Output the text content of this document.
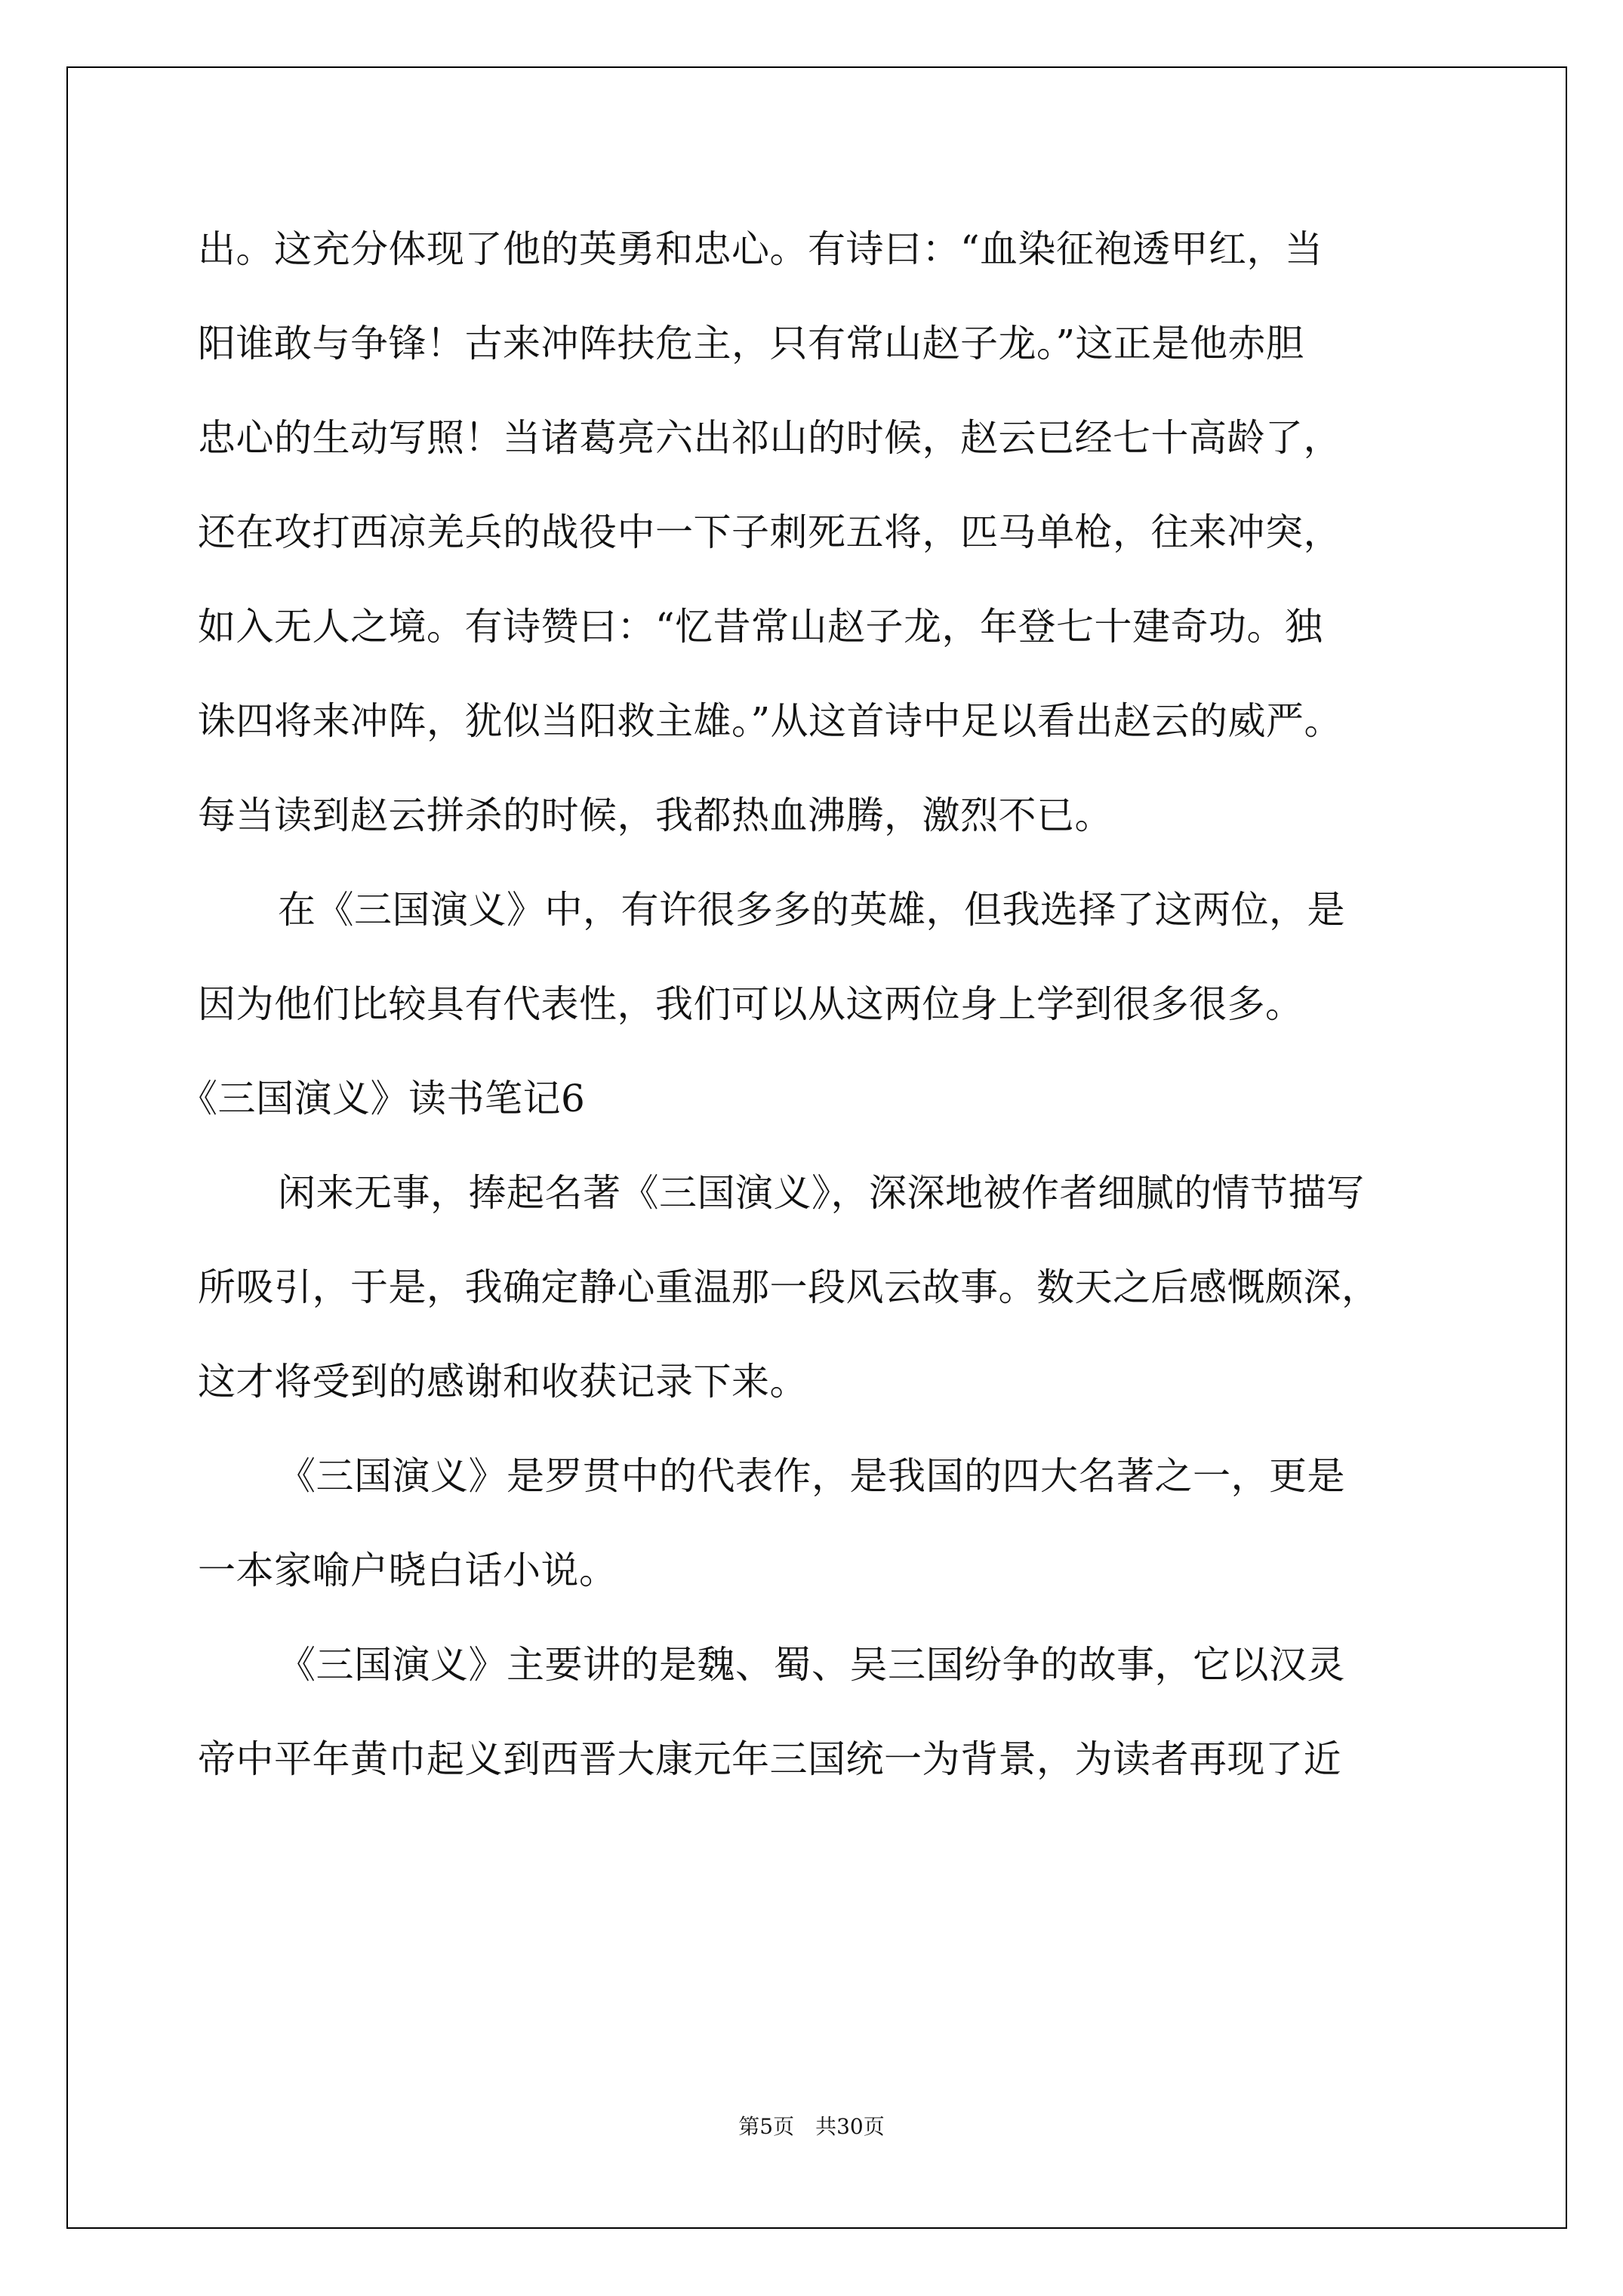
出。这充分体现了他的英勇和忠心。有诗曰：“血染征袍透甲红，当
阳谁敢与争锋！古来冲阵扶危主，只有常山赵子龙。”这正是他赤胆
忠心的生动写照！当诸葛亮六出祁山的时候，赵云已经七十高龄了，
还在攻打西凉羌兵的战役中一下子刺死五将，匹马单枪，往来冲突，
如入无人之境。有诗赞曰：“忆昔常山赵子龙，年登七十建奇功。独
诛四将来冲阵，犹似当阳救主雄。”从这首诗中足以看出赵云的威严。
每当读到赵云拼杀的时候，我都热血沸腾，激烈不已。
在《三国演义》中，有许很多多的英雄，但我选择了这两位，是
因为他们比较具有代表性，我们可以从这两位身上学到很多很多。
《三国演义》读书笔记6
闲来无事，捧起名著《三国演义》，深深地被作者细腻的情节描写
所吸引，于是，我确定静心重温那一段风云故事。数天之后感慨颇深，
这才将受到的感谢和收获记录下来。
《三国演义》是罗贯中的代表作，是我国的四大名著之一，更是
一本家喻户晓白话小说。
《三国演义》主要讲的是魏、蜀、吴三国纷争的故事，它以汉灵
帝中平年黄巾起义到西晋大康元年三国统一为背景，为读者再现了近
第5页　共30页
